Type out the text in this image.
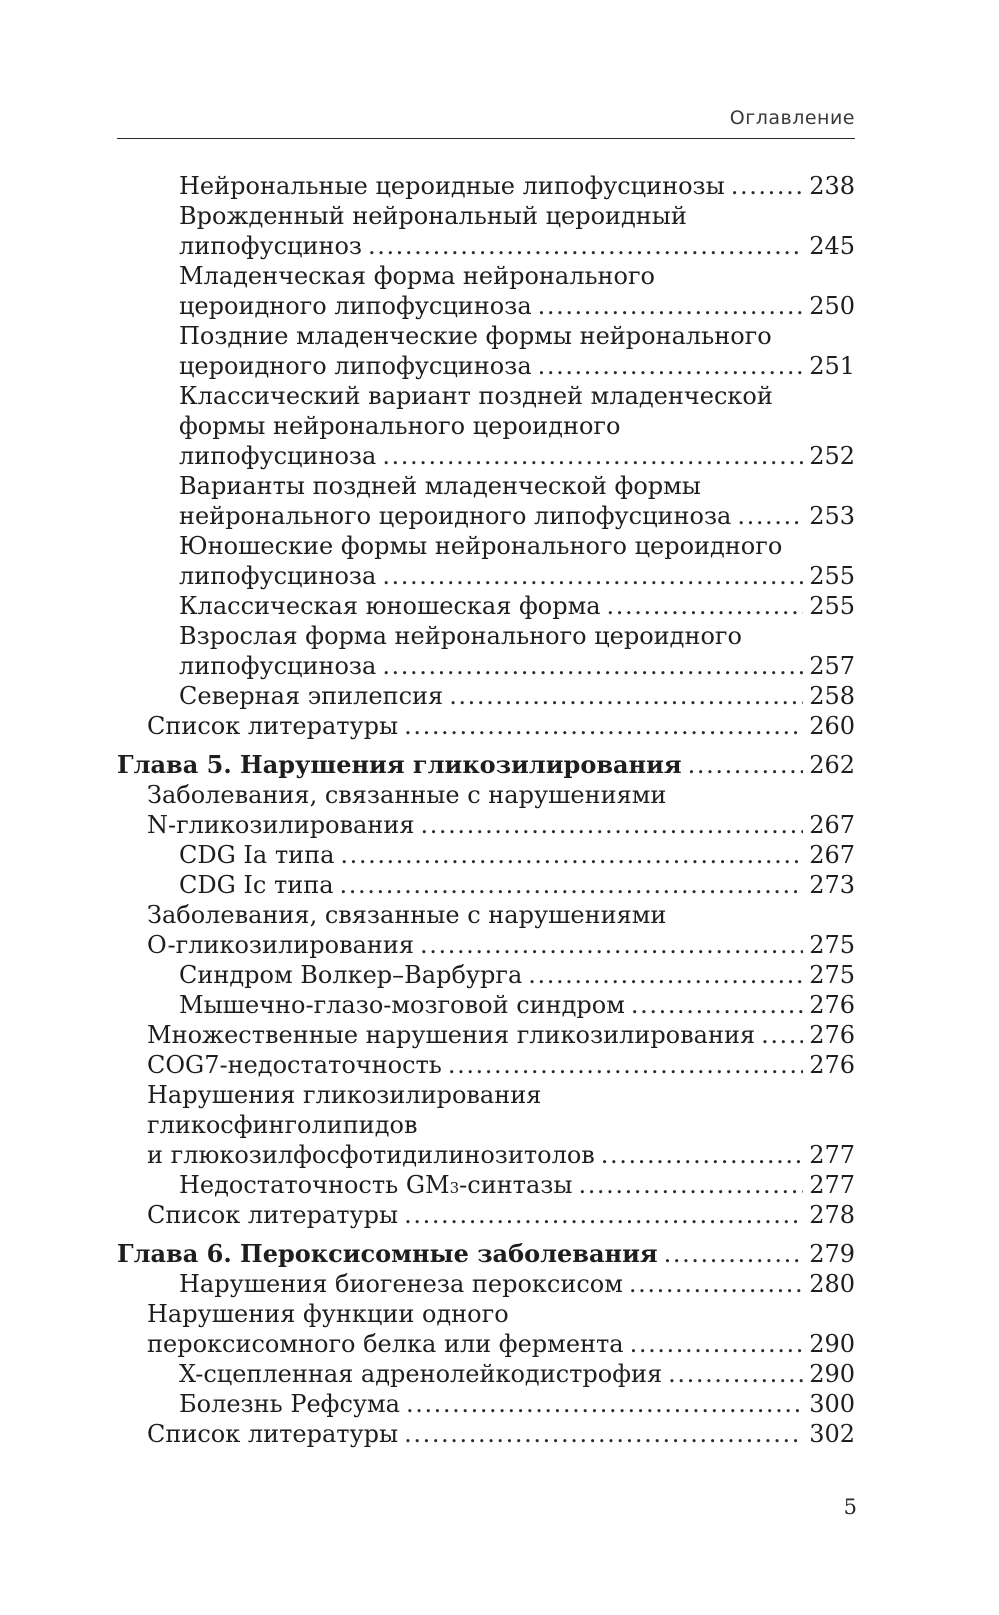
Оглавление
Нейрональные цероидные липофусцинозы .....	238
Врожденный нейрональный цероидный
липофусциноз .....	245
Младенческая форма нейронального
цероидного липофусциноза .....	250
Поздние младенческие формы нейронального
цероидного липофусциноза .....	251
Классический вариант поздней младенческой
формы нейронального цероидного
липофусциноза .....	252
Варианты поздней младенческой формы
нейронального цероидного липофусциноза .....	253
Юношеские формы нейронального цероидного
липофусциноза .....	255
Классическая юношеская форма .....	255
Взрослая форма нейронального цероидного
липофусциноза .....	257
Северная эпилепсия .....	258
Список литературы .....	260
Глава 5. Нарушения гликозилирования .....	262
Заболевания, связанные с нарушениями
N-гликозилирования .....	267
CDG Ia типа .....	267
CDG Ic типа .....	273
Заболевания, связанные с нарушениями
O-гликозилирования .....	275
Синдром Волкер–Варбурга .....	275
Мышечно-глазо-мозговой синдром .....	276
Множественные нарушения гликозилирования ..... 276
COG7-недостаточность .....	276
Нарушения гликозилирования
гликосфинголипидов
и глюкозилфосфотидилинозитолов .....	277
Недостаточность GM 3 -синтазы .....	277
Список литературы .....	278
Глава 6. Пероксисомные заболевания .....	279
Нарушения биогенеза пероксисом .....	280
Нарушения функции одного
пероксисомного белка или фермента .....	290
X-сцепленная адренолейкодистрофия .....	290
Болезнь Рефсума .....	300
Список литературы .....	302
5
